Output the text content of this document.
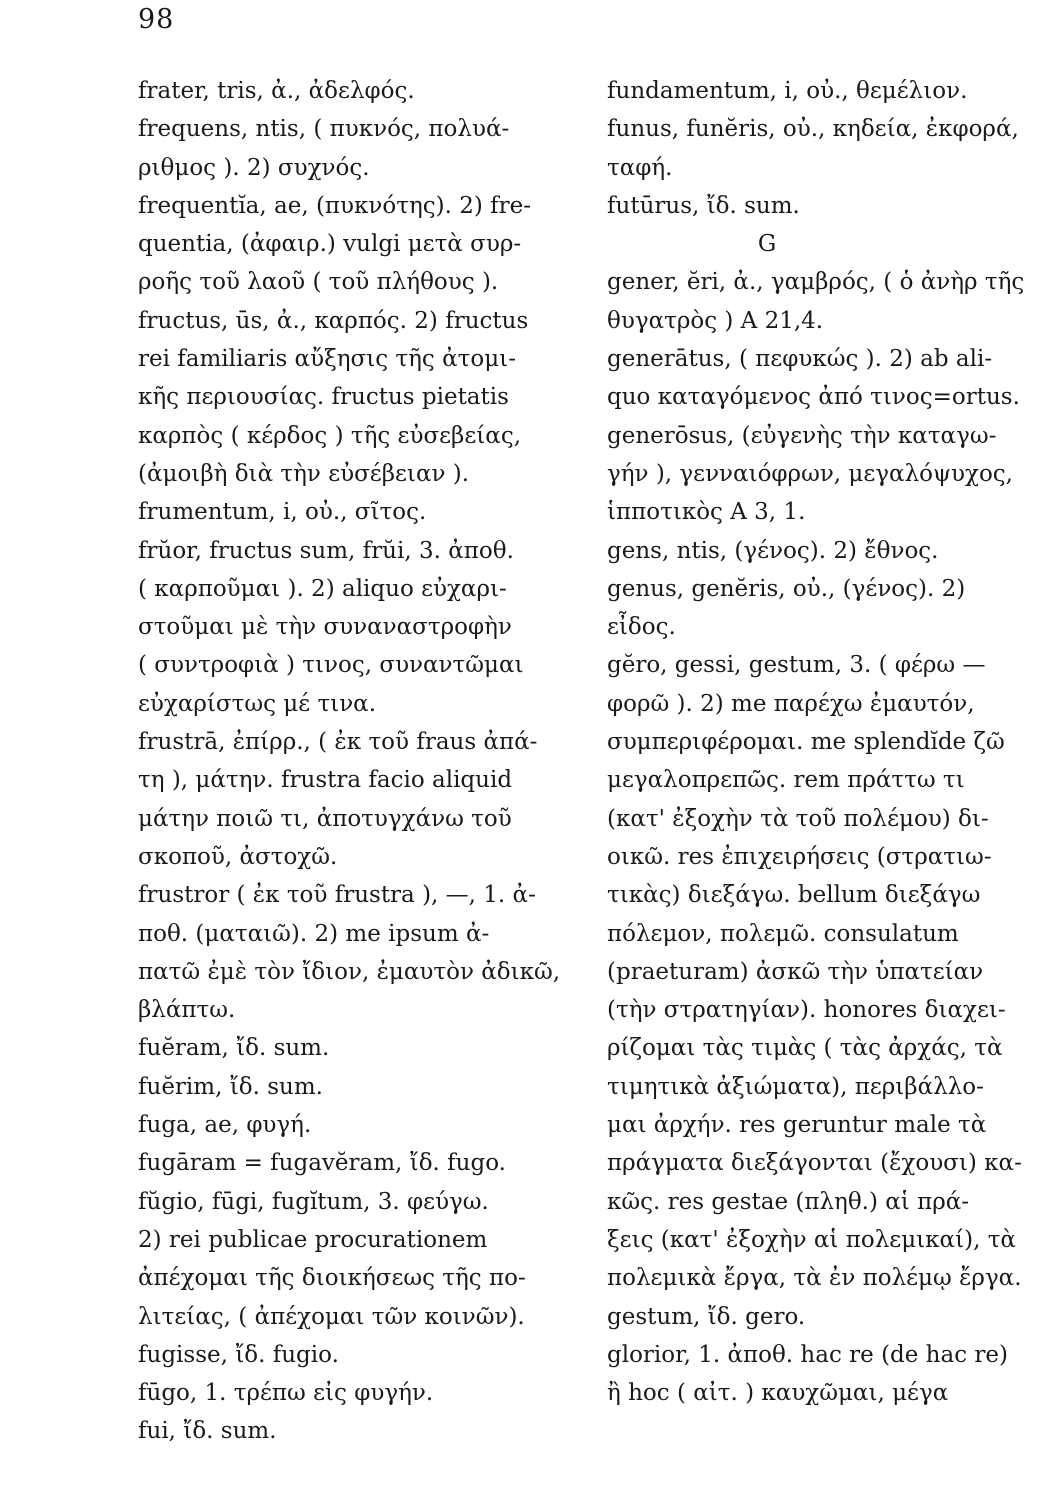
98
frater, tris, ἀ., ἀδελφός.
frequens, ntis, ( πυκνός, πολυά-
ριθμος ). 2) συχνός.
frequentĭa, ae, (πυκνότης). 2) fre-
quentia, (ἀφαιρ.) vulgi μετὰ συρ-
ροῆς τοῦ λαοῦ ( τοῦ πλήθους ).
fructus, ūs, ἀ., καρπός. 2) fructus
rei familiaris αὔξησις τῆς ἀτομι-
κῆς περιουσίας. fructus pietatis
καρπὸς ( κέρδος ) τῆς εὐσεβείας,
(ἀμοιβὴ διὰ τὴν εὐσέβειαν ).
frumentum, i, οὐ., σῖτος.
frŭor, fructus sum, frŭi, 3. ἀποθ.
( καρποῦμαι ). 2) aliquo εὐχαρι-
στοῦμαι μὲ τὴν συναναστροφὴν
( συντροφιὰ ) τινος, συναντῶμαι
εὐχαρίστως μέ τινα.
frustrā, ἐπίρρ., ( ἐκ τοῦ fraus ἀπά-
τη ), μάτην. frustra facio aliquid
μάτην ποιῶ τι, ἀποτυγχάνω τοῦ
σκοποῦ, ἀστοχῶ.
frustror ( ἐκ τοῦ frustra ), —, 1. ἀ-
ποθ. (ματαιῶ). 2) me ipsum ἀ-
πατῶ ἐμὲ τὸν ἴδιον, ἐμαυτὸν ἀδικῶ,
βλάπτω.
fuĕram, ἴδ. sum.
fuĕrim, ἴδ. sum.
fuga, ae, φυγή.
fugāram = fugavĕram, ἴδ. fugo.
fŭgio, fūgi, fugĭtum, 3. φεύγω.
2) rei publicae procurationem
ἀπέχομαι τῆς διοικήσεως τῆς πο-
λιτείας, ( ἀπέχομαι τῶν κοινῶν).
fugisse, ἴδ. fugio.
fūgo, 1. τρέπω εἰς φυγήν.
fui, ἴδ. sum.
fundamentum, i, οὐ., θεμέλιον.
funus, funĕris, οὐ., κηδεία, ἐκφορά,
ταφή.
futūrus, ἴδ. sum.
G
gener, ĕri, ἀ., γαμβρός, ( ὁ ἀνὴρ τῆς
θυγατρὸς ) Α 21,4.
generātus, ( πεφυκώς ). 2) ab ali-
quo καταγόμενος ἀπό τινος=ortus.
generōsus, (εὐγενὴς τὴν καταγω-
γήν ), γενναιόφρων, μεγαλόψυχος,
ἱπποτικὸς Α 3, 1.
gens, ntis, (γένος). 2) ἔθνος.
genus, genĕris, οὐ., (γένος). 2)
εἶδος.
gĕro, gessi, gestum, 3. ( φέρω —
φορῶ ). 2) me παρέχω ἐμαυτόν,
συμπεριφέρομαι. me splendĭde ζῶ
μεγαλοπρεπῶς. rem πράττω τι
(κατ' ἐξοχὴν τὰ τοῦ πολέμου) δι-
οικῶ. res ἐπιχειρήσεις (στρατιω-
τικὰς) διεξάγω. bellum διεξάγω
πόλεμον, πολεμῶ. consulatum
(praeturam) ἀσκῶ τὴν ὑπατείαν
(τὴν στρατηγίαν). honores διαχει-
ρίζομαι τὰς τιμὰς ( τὰς ἀρχάς, τὰ
τιμητικὰ ἀξιώματα), περιβάλλο-
μαι ἀρχήν. res geruntur male τὰ
πράγματα διεξάγονται (ἔχουσι) κα-
κῶς. res gestae (πληθ.) αἱ πρά-
ξεις (κατ' ἐξοχὴν αἱ πολεμικαί), τὰ
πολεμικὰ ἔργα, τὰ ἐν πολέμῳ ἔργα.
gestum, ἴδ. gero.
glorior, 1. ἀποθ. hac re (de hac re)
ἢ hoc ( αἰτ. ) καυχῶμαι, μέγα
